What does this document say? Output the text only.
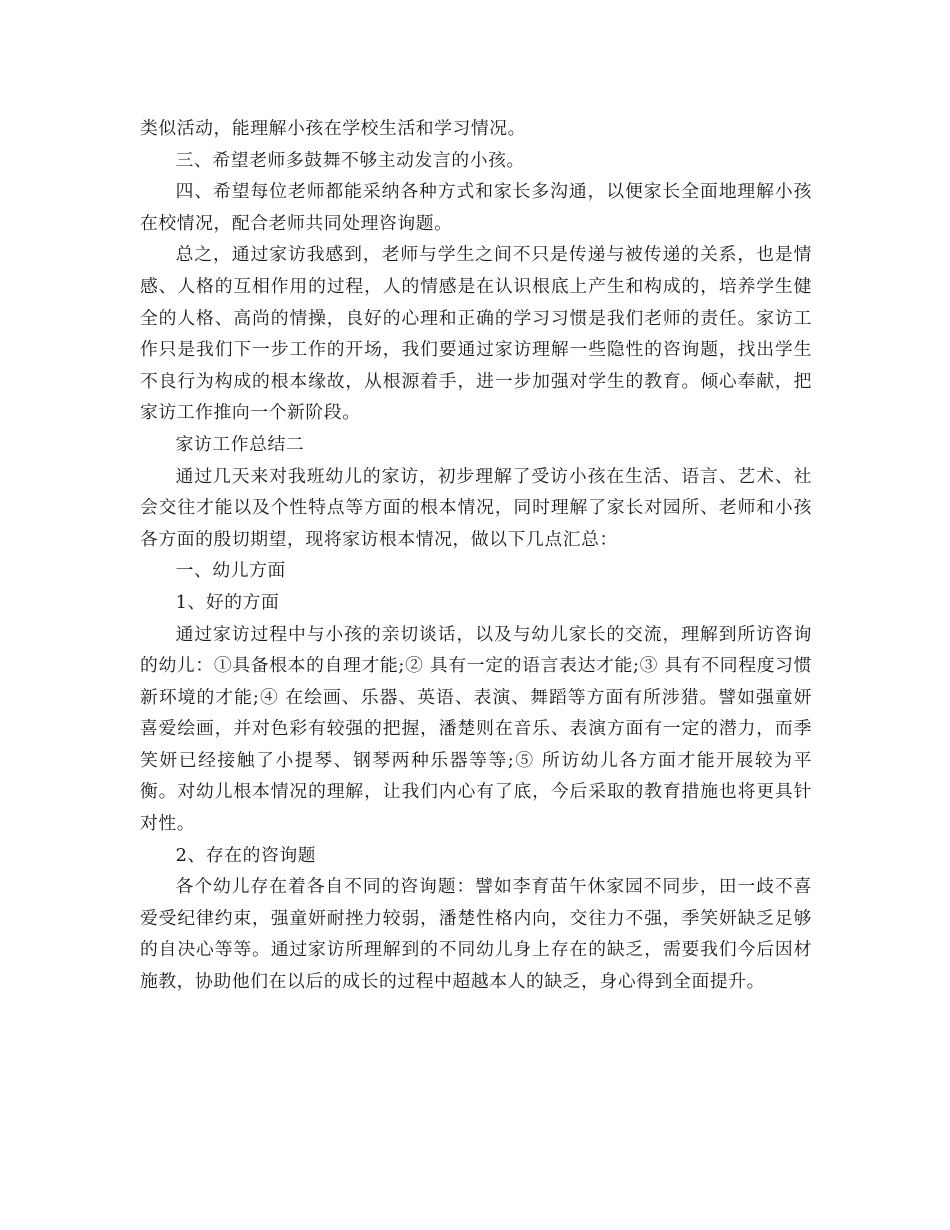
类似活动，能理解小孩在学校生活和学习情况。

三、希望老师多鼓舞不够主动发言的小孩。

四、希望每位老师都能采纳各种方式和家长多沟通，以便家长全面地理解小孩在校情况，配合老师共同处理咨询题。

总之，通过家访我感到，老师与学生之间不只是传递与被传递的关系，也是情感、人格的互相作用的过程，人的情感是在认识根底上产生和构成的，培养学生健全的人格、高尚的情操，良好的心理和正确的学习习惯是我们老师的责任。家访工作只是我们下一步工作的开场，我们要通过家访理解一些隐性的咨询题，找出学生不良行为构成的根本缘故，从根源着手，进一步加强对学生的教育。倾心奉献，把家访工作推向一个新阶段。

家访工作总结二

通过几天来对我班幼儿的家访，初步理解了受访小孩在生活、语言、艺术、社会交往才能以及个性特点等方面的根本情况，同时理解了家长对园所、老师和小孩各方面的殷切期望，现将家访根本情况，做以下几点汇总：

一、幼儿方面

1、好的方面

通过家访过程中与小孩的亲切谈话，以及与幼儿家长的交流，理解到所访咨询的幼儿：①具备根本的自理才能;② 具有一定的语言表达才能;③ 具有不同程度习惯新环境的才能;④ 在绘画、乐器、英语、表演、舞蹈等方面有所涉猎。譬如强童妍喜爱绘画，并对色彩有较强的把握，潘楚则在音乐、表演方面有一定的潜力，而季笑妍已经接触了小提琴、钢琴两种乐器等等;⑤ 所访幼儿各方面才能开展较为平衡。对幼儿根本情况的理解，让我们内心有了底，今后采取的教育措施也将更具针对性。

2、存在的咨询题

各个幼儿存在着各自不同的咨询题：譬如李育苗午休家园不同步，田一歧不喜爱受纪律约束，强童妍耐挫力较弱，潘楚性格内向，交往力不强，季笑妍缺乏足够的自决心等等。通过家访所理解到的不同幼儿身上存在的缺乏，需要我们今后因材施教，协助他们在以后的成长的过程中超越本人的缺乏，身心得到全面提升。
